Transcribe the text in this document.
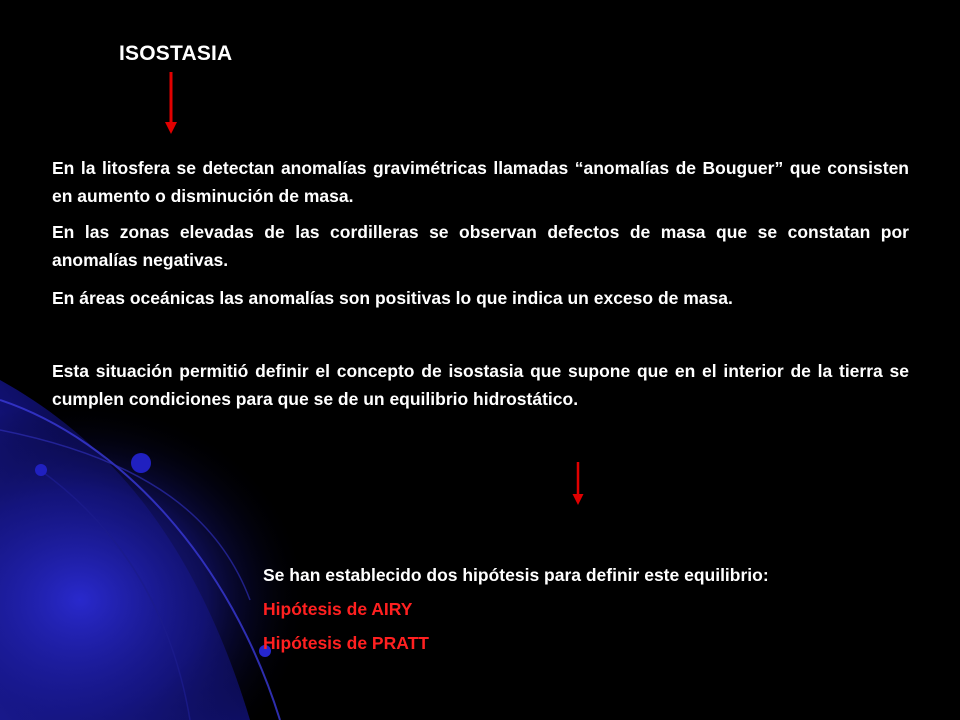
ISOSTASIA
En la litosfera se detectan anomalías gravimétricas llamadas “anomalías de Bouguer” que consisten en aumento o disminución de masa.
En las zonas elevadas de las cordilleras se observan defectos de masa que se constatan por anomalías negativas.
En áreas oceánicas las anomalías son positivas lo que indica un exceso de masa.
Esta situación permitió definir el concepto de isostasia que supone que en el interior de la tierra se cumplen condiciones para que se de un equilibrio hidrostático.
Se han establecido dos hipótesis para definir este equilibrio:
Hipótesis de AIRY
Hipótesis de PRATT
